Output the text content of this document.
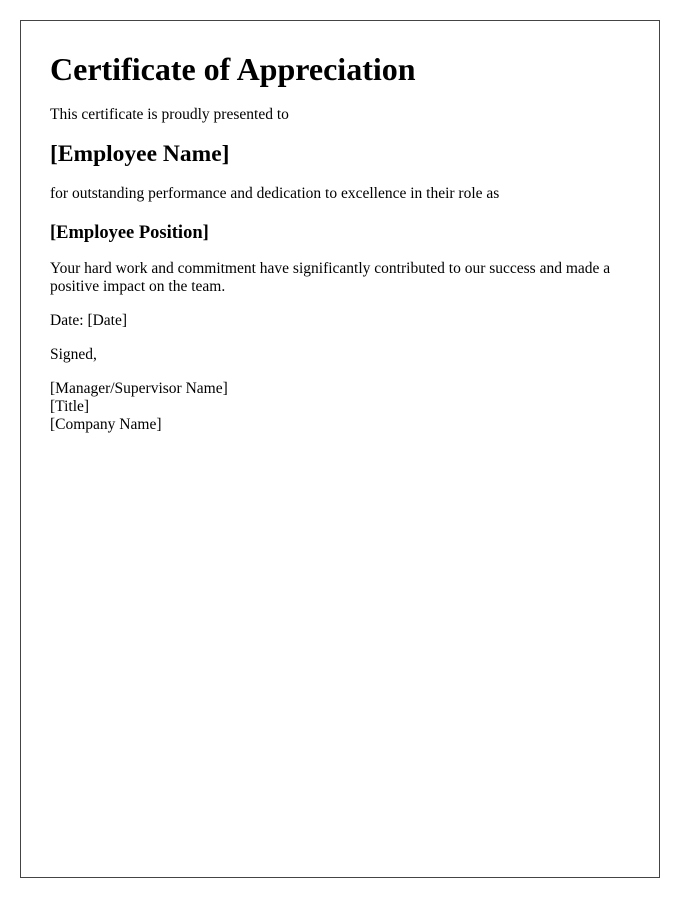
Certificate of Appreciation

This certificate is proudly presented to

[Employee Name]

for outstanding performance and dedication to excellence in their role as

[Employee Position]

Your hard work and commitment have significantly contributed to our success and made a positive impact on the team.

Date: [Date]

Signed,

[Manager/Supervisor Name]
[Title]
[Company Name]
